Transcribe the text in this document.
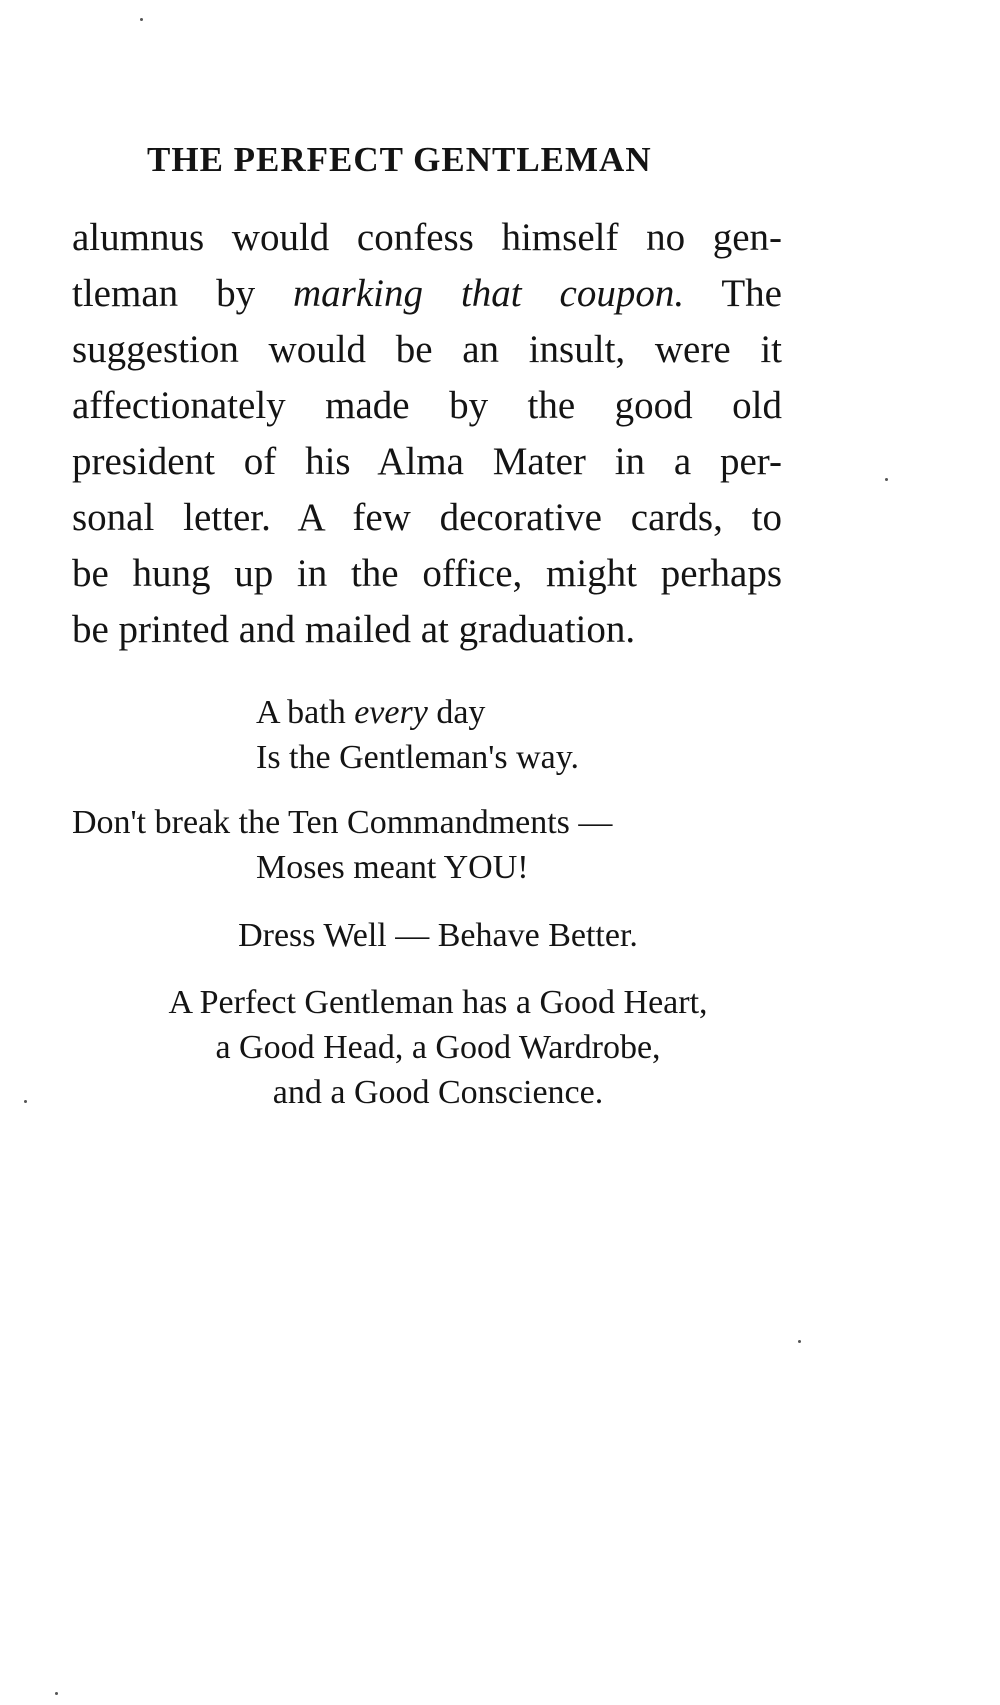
THE PERFECT GENTLEMAN
alumnus would confess himself no gen-
tleman by marking that coupon. The
suggestion would be an insult, were it
affectionately made by the good old
president of his Alma Mater in a per-
sonal letter. A few decorative cards, to
be hung up in the office, might perhaps
be printed and mailed at graduation.
A bath every day
Is the Gentleman's way.
Don't break the Ten Commandments —
Moses meant YOU!
Dress Well — Behave Better.
A Perfect Gentleman has a Good Heart,
a Good Head, a Good Wardrobe,
and a Good Conscience.
